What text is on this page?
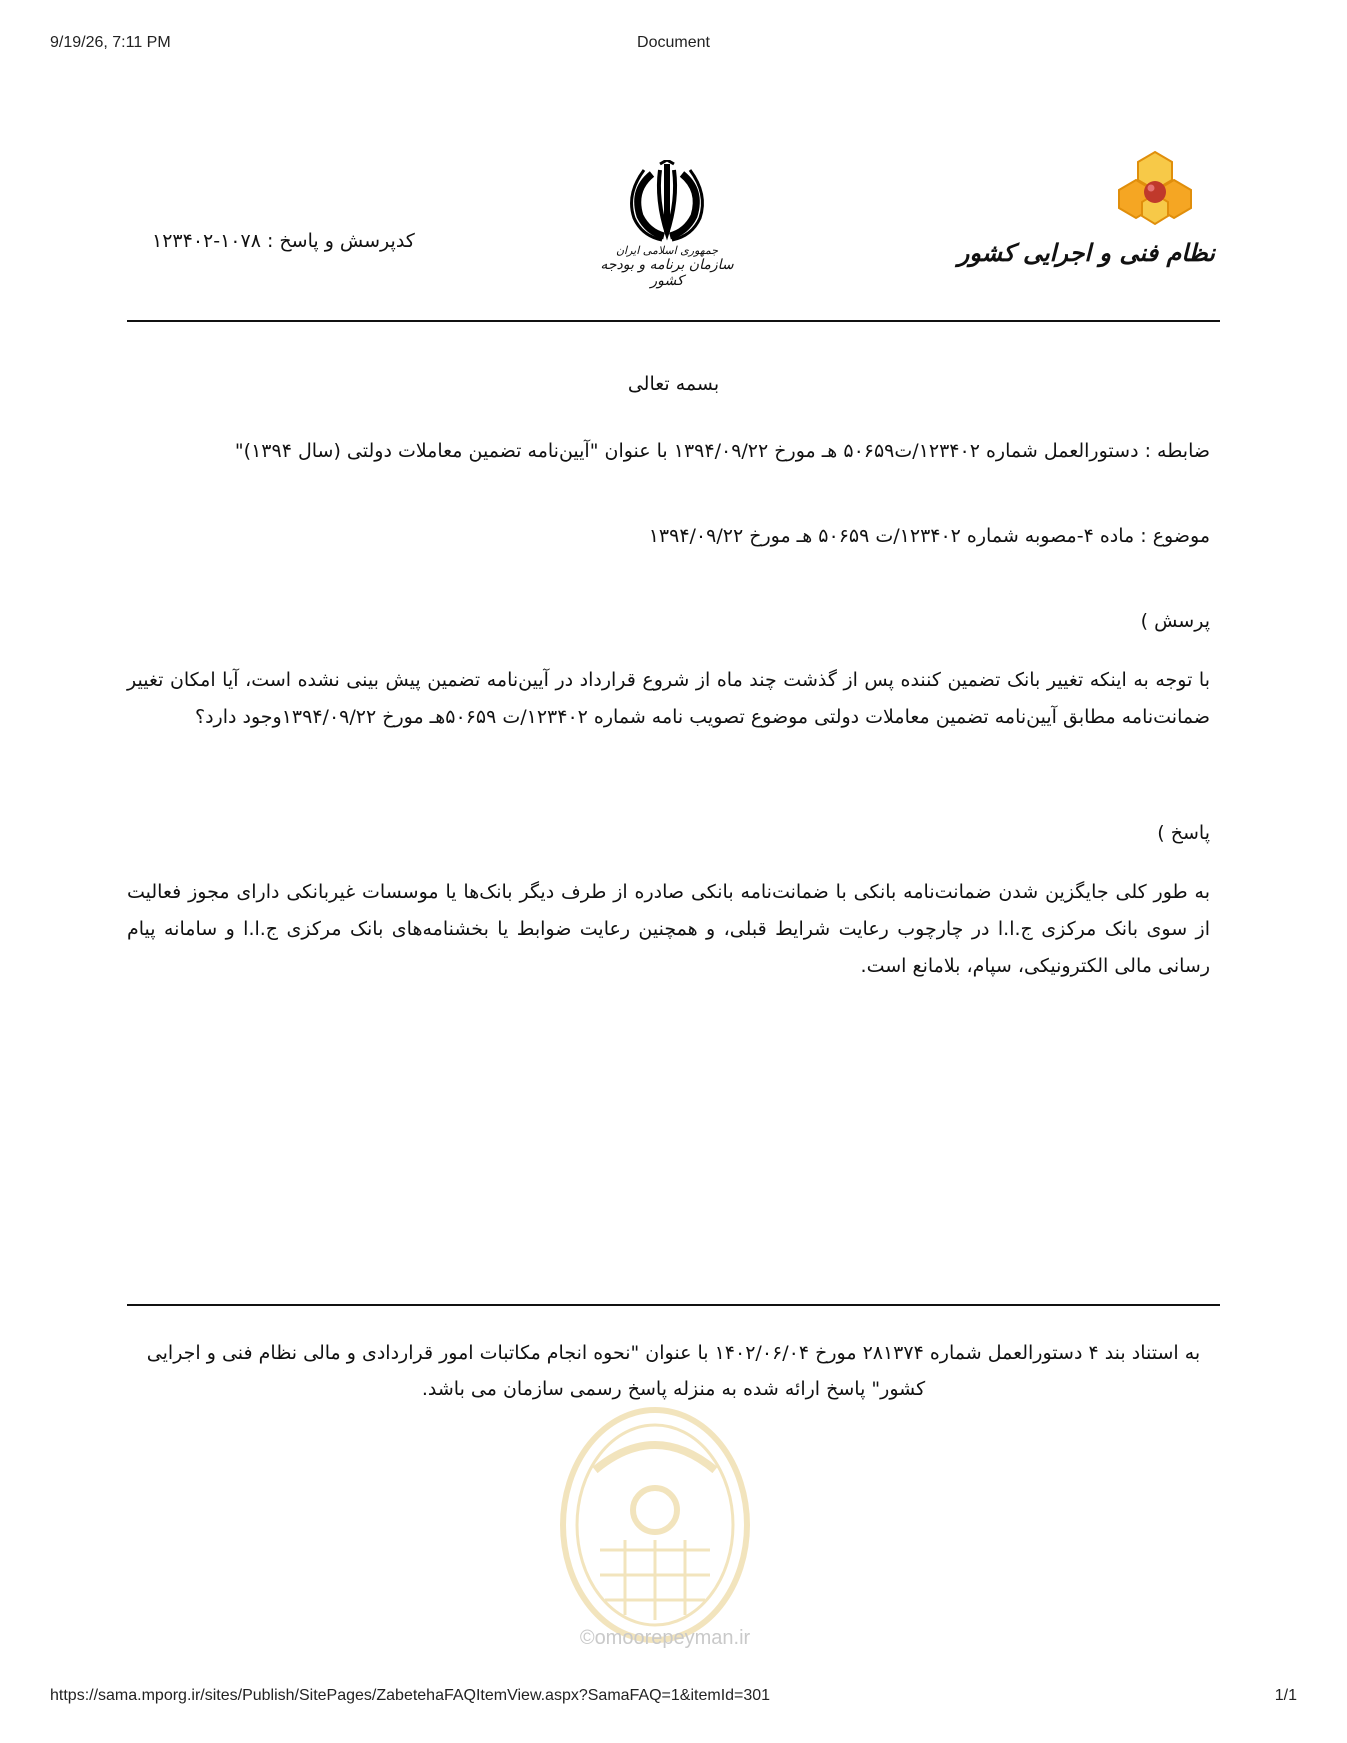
9/19/26, 7:11 PM	Document
کدپرسش و پاسخ : ۱۰۷۸-۱۲۳۴۰۲	جمهوری اسلامی ایران
سازمان برنامه و بودجه کشور
نظام فنی و اجرایی کشور
بسمه تعالی
ضابطه : دستورالعمل شماره ۱۲۳۴۰۲/ت۵۰۶۵۹ هـ مورخ ۱۳۹۴/۰۹/۲۲ با عنوان "آیین‌نامه تضمین معاملات دولتی (سال ۱۳۹۴)"
موضوع : ماده ۴-مصوبه شماره ۱۲۳۴۰۲/ت ۵۰۶۵۹ هـ مورخ ۱۳۹۴/۰۹/۲۲
پرسش )
با توجه به اینکه تغییر بانک تضمین کننده پس از گذشت چند ماه از شروع قرارداد در آیین‌نامه تضمین پیش بینی نشده است، آیا امکان تغییر ضمانت‌نامه مطابق آیین‌نامه تضمین معاملات دولتی موضوع تصویب نامه شماره ۱۲۳۴۰۲/ت ۵۰۶۵۹هـ مورخ ۱۳۹۴/۰۹/۲۲وجود دارد؟
پاسخ )
به طور کلی جایگزین شدن ضمانت‌نامه بانکی با ضمانت‌نامه بانکی صادره از طرف دیگر بانک‌ها یا موسسات غیربانکی دارای مجوز فعالیت از سوی بانک مرکزی ج.ا.ا در چارچوب رعایت شرایط قبلی، و همچنین رعایت ضوابط یا بخشنامه‌های بانک مرکزی ج.ا.ا و سامانه پیام رسانی مالی الکترونیکی، سپام، بلامانع است.
به استناد بند ۴ دستورالعمل شماره ۲۸۱۳۷۴ مورخ ۱۴۰۲/۰۶/۰۴ با عنوان "نحوه انجام مکاتبات امور قراردادی و مالی نظام فنی و اجرایی
کشور" پاسخ ارائه شده به منزله پاسخ رسمی سازمان می باشد.
©omoorepeyman.ir
https://sama.mporg.ir/sites/Publish/SitePages/ZabetehaFAQItemView.aspx?SamaFAQ=1&itemId=301	1/1
